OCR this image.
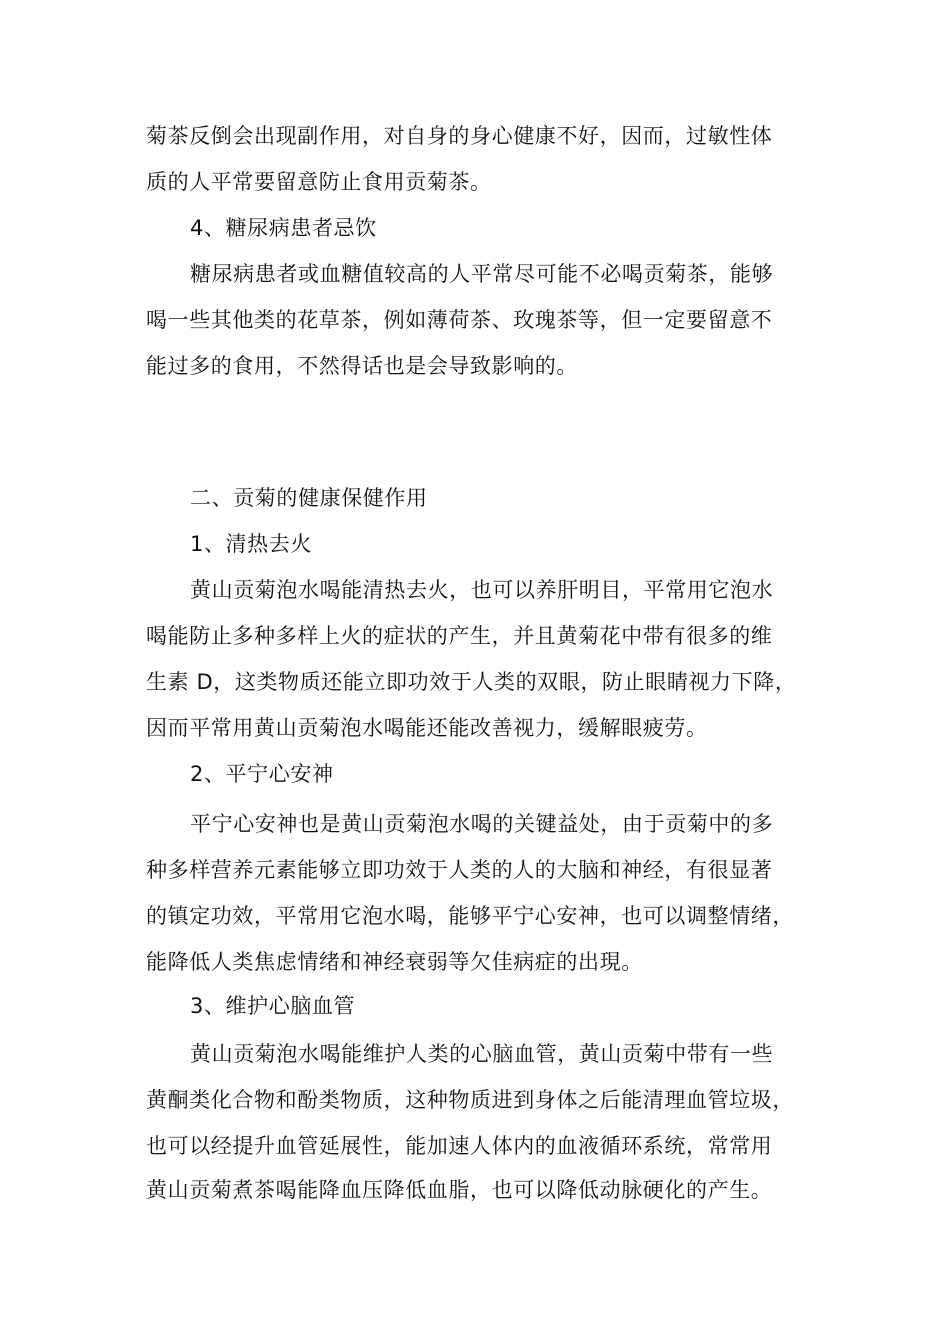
菊茶反倒会出现副作用，对自身的身心健康不好，因而，过敏性体
质的人平常要留意防止食用贡菊茶。
4、糖尿病患者忌饮
糖尿病患者或血糖值较高的人平常尽可能不必喝贡菊茶，能够
喝一些其他类的花草茶，例如薄荷茶、玫瑰茶等，但一定要留意不
能过多的食用，不然得话也是会导致影响的。
二、贡菊的健康保健作用
1、清热去火
黄山贡菊泡水喝能清热去火，也可以养肝明目，平常用它泡水
喝能防止多种多样上火的症状的产生，并且黄菊花中带有很多的维
生素 D，这类物质还能立即功效于人类的双眼，防止眼睛视力下降，
因而平常用黄山贡菊泡水喝能还能改善视力，缓解眼疲劳。
2、平宁心安神
平宁心安神也是黄山贡菊泡水喝的关键益处，由于贡菊中的多
种多样营养元素能够立即功效于人类的人的大脑和神经，有很显著
的镇定功效，平常用它泡水喝，能够平宁心安神，也可以调整情绪，
能降低人类焦虑情绪和神经衰弱等欠佳病症的出現。
3、维护心脑血管
黄山贡菊泡水喝能维护人类的心脑血管，黄山贡菊中带有一些
黄酮类化合物和酚类物质，这种物质进到身体之后能清理血管垃圾，
也可以经提升血管延展性，能加速人体内的血液循环系统，常常用
黄山贡菊煮茶喝能降血压降低血脂，也可以降低动脉硬化的产生。
